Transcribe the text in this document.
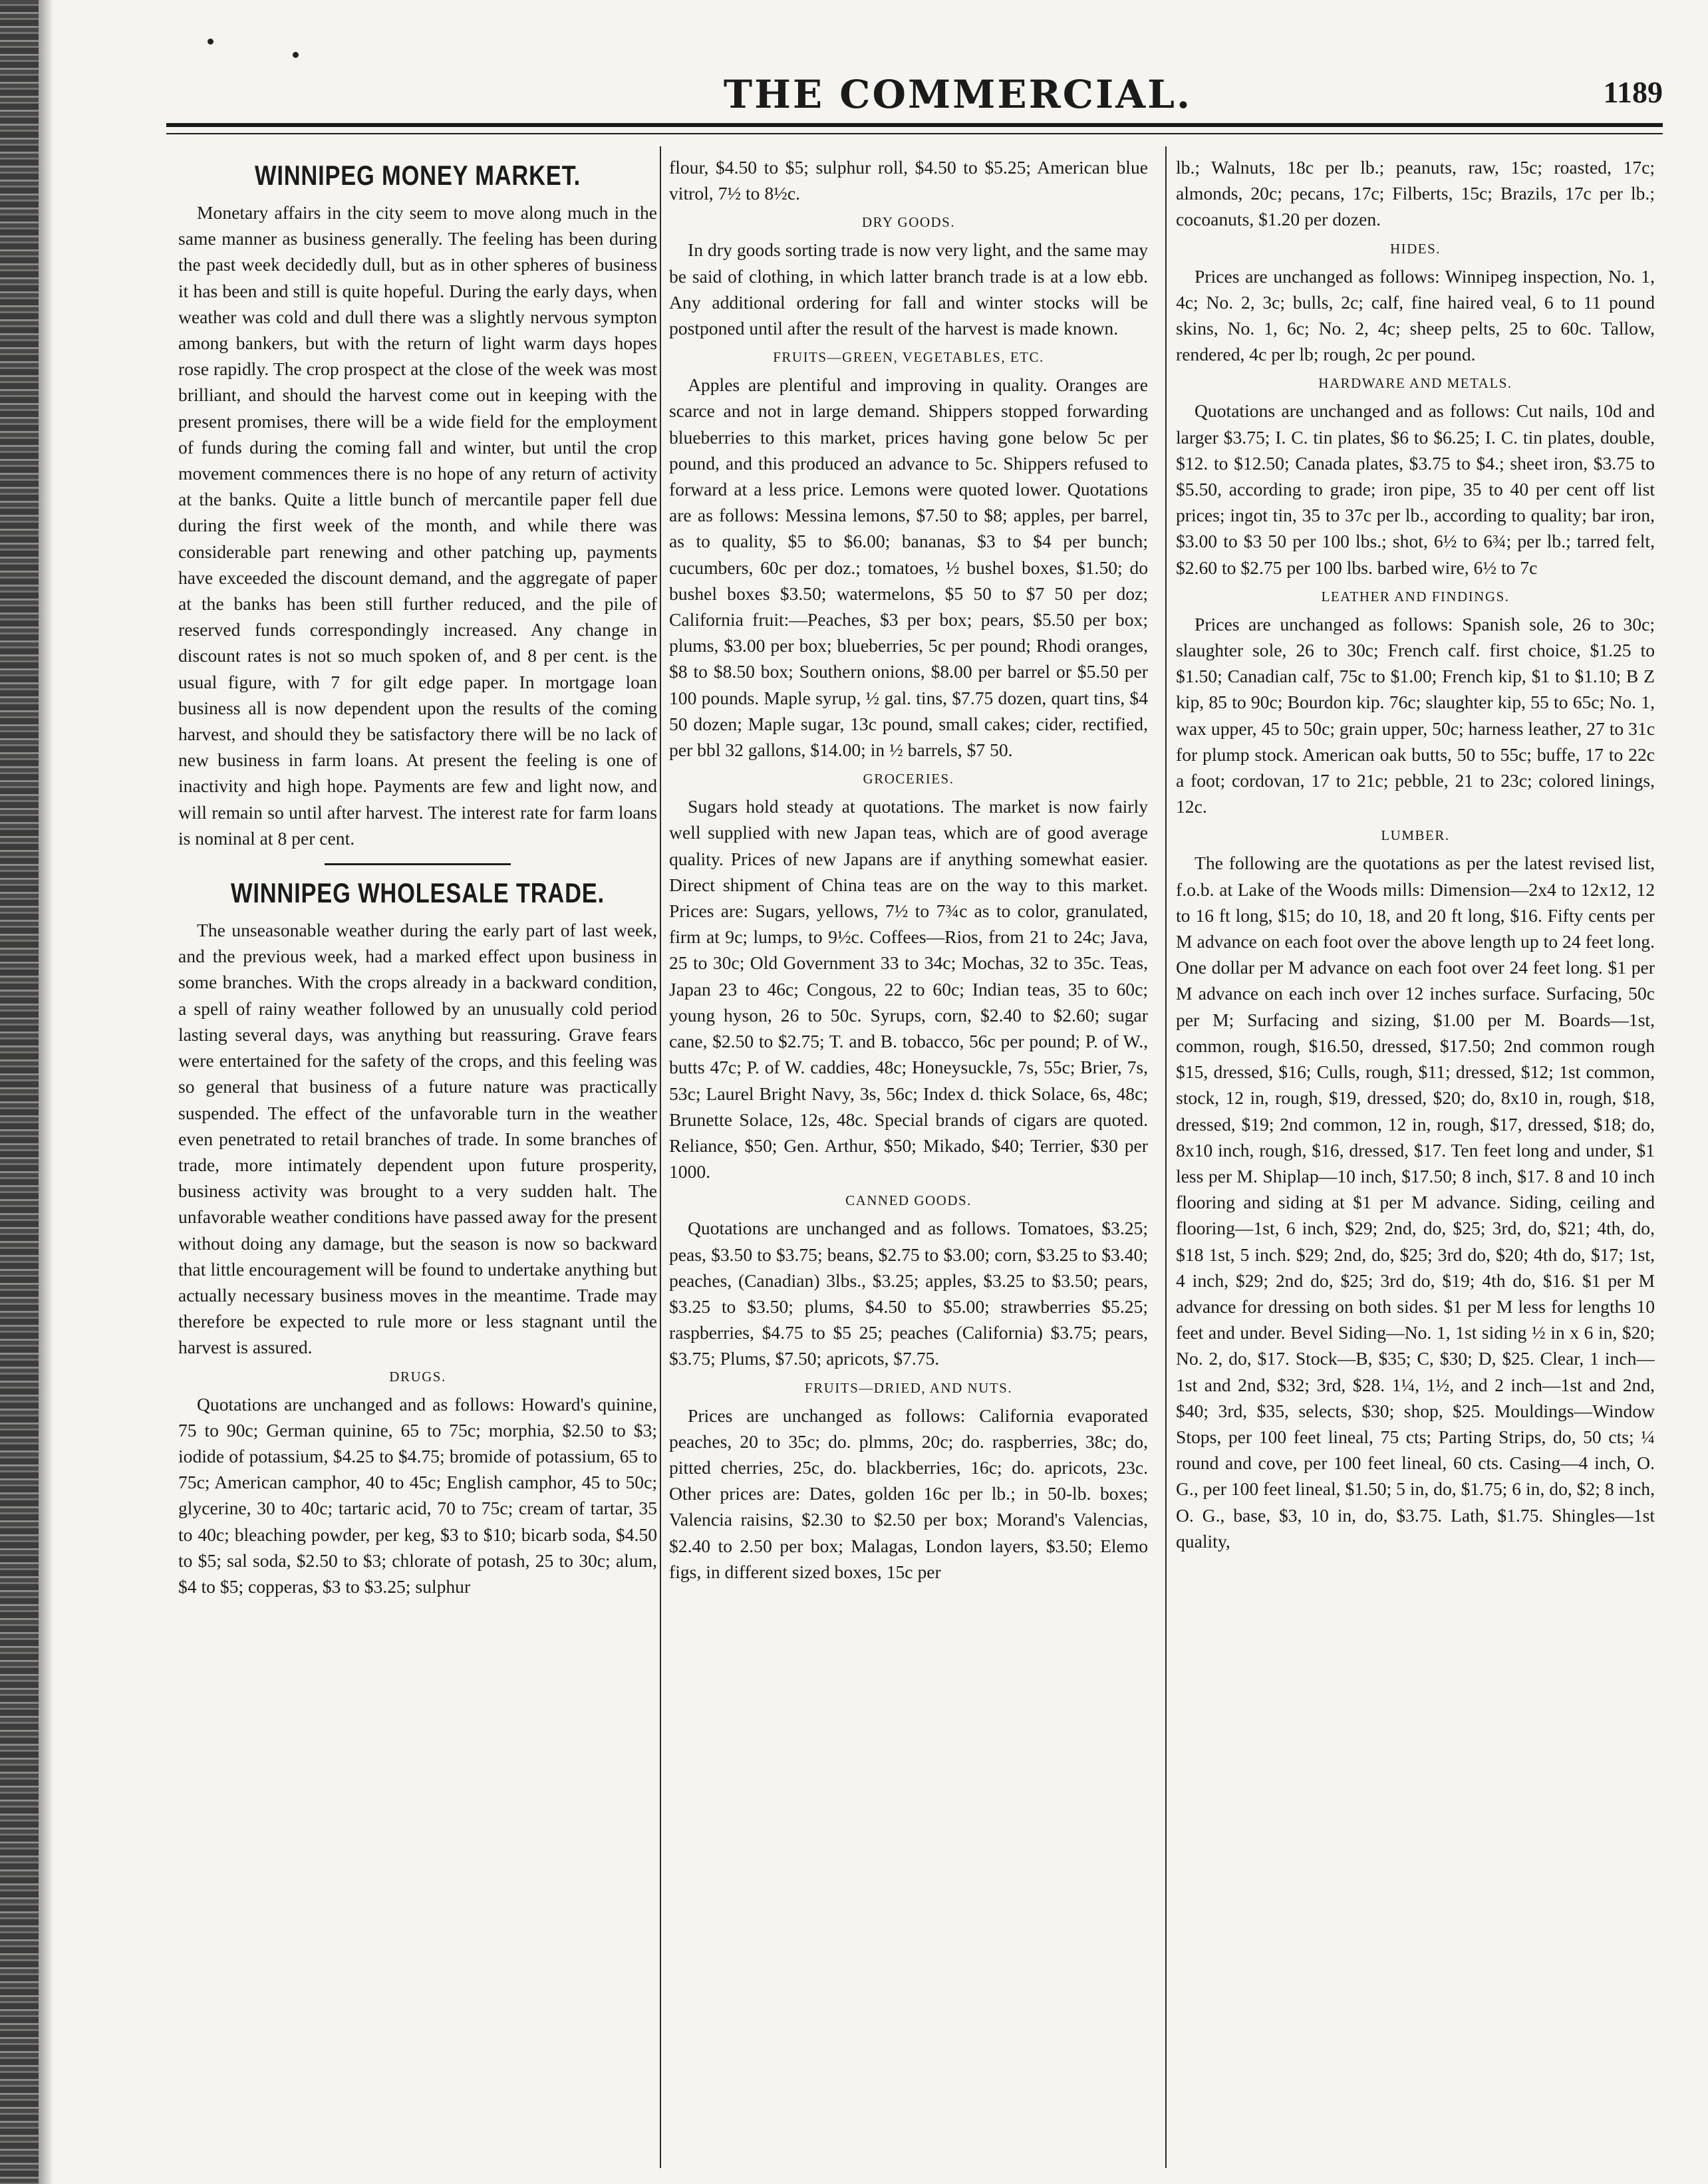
THE COMMERCIAL.	1189
WINNIPEG MONEY MARKET.

Monetary affairs in the city seem to move along much in the same manner as business generally. The feeling has been during the past week decidedly dull, but as in other spheres of business it has been and still is quite hopeful. During the early days, when weather was cold and dull there was a slightly nervous sympton among bankers, but with the return of light warm days hopes rose rapidly. The crop prospect at the close of the week was most brilliant, and should the harvest come out in keeping with the present promises, there will be a wide field for the employment of funds during the coming fall and winter, but until the crop movement commences there is no hope of any return of activity at the banks. Quite a little bunch of mercantile paper fell due during the first week of the month, and while there was considerable part renewing and other patching up, payments have exceeded the discount demand, and the aggregate of paper at the banks has been still further reduced, and the pile of reserved funds correspondingly increased. Any change in discount rates is not so much spoken of, and 8 per cent. is the usual figure, with 7 for gilt edge paper. In mortgage loan business all is now dependent upon the results of the coming harvest, and should they be satisfactory there will be no lack of new business in farm loans. At present the feeling is one of inactivity and high hope. Payments are few and light now, and will remain so until after harvest. The interest rate for farm loans is nominal at 8 per cent.

WINNIPEG WHOLESALE TRADE.

The unseasonable weather during the early part of last week, and the previous week, had a marked effect upon business in some branches. With the crops already in a backward condition, a spell of rainy weather followed by an unusually cold period lasting several days, was anything but reassuring. Grave fears were entertained for the safety of the crops, and this feeling was so general that business of a future nature was practically suspended. The effect of the unfavorable turn in the weather even penetrated to retail branches of trade. In some branches of trade, more intimately dependent upon future prosperity, business activity was brought to a very sudden halt. The unfavorable weather conditions have passed away for the present without doing any damage, but the season is now so backward that little encouragement will be found to undertake anything but actually necessary business moves in the meantime. Trade may therefore be expected to rule more or less stagnant until the harvest is assured.

DRUGS.

Quotations are unchanged and as follows: Howard's quinine, 75 to 90c; German quinine, 65 to 75c; morphia, $2.50 to $3; iodide of potassium, $4.25 to $4.75; bromide of potassium, 65 to 75c; American camphor, 40 to 45c; English camphor, 45 to 50c; glycerine, 30 to 40c; tartaric acid, 70 to 75c; cream of tartar, 35 to 40c; bleaching powder, per keg, $3 to $10; bicarb soda, $4.50 to $5; sal soda, $2.50 to $3; chlorate of potash, 25 to 30c; alum, $4 to $5; copperas, $3 to $3.25; sulphur

flour, $4.50 to $5; sulphur roll, $4.50 to $5.25; American blue vitrol, 7½ to 8½c.

DRY GOODS.

In dry goods sorting trade is now very light, and the same may be said of clothing, in which latter branch trade is at a low ebb. Any additional ordering for fall and winter stocks will be postponed until after the result of the harvest is made known.

FRUITS—GREEN, VEGETABLES, ETC.

Apples are plentiful and improving in quality. Oranges are scarce and not in large demand. Shippers stopped forwarding blueberries to this market, prices having gone below 5c per pound, and this produced an advance to 5c. Shippers refused to forward at a less price. Lemons were quoted lower. Quotations are as follows: Messina lemons, $7.50 to $8; apples, per barrel, as to quality, $5 to $6.00; bananas, $3 to $4 per bunch; cucumbers, 60c per doz.; tomatoes, ½ bushel boxes, $1.50; do bushel boxes $3.50; watermelons, $5 50 to $7 50 per doz; California fruit:—Peaches, $3 per box; pears, $5.50 per box; plums, $3.00 per box; blueberries, 5c per pound; Rhodi oranges, $8 to $8.50 box; Southern onions, $8.00 per barrel or $5.50 per 100 pounds. Maple syrup, ½ gal. tins, $7.75 dozen, quart tins, $4 50 dozen; Maple sugar, 13c pound, small cakes; cider, rectified, per bbl 32 gallons, $14.00; in ½ barrels, $7 50.

GROCERIES.

Sugars hold steady at quotations. The market is now fairly well supplied with new Japan teas, which are of good average quality. Prices of new Japans are if anything somewhat easier. Direct shipment of China teas are on the way to this market. Prices are: Sugars, yellows, 7½ to 7¾c as to color, granulated, firm at 9c; lumps, to 9½c. Coffees—Rios, from 21 to 24c; Java, 25 to 30c; Old Government 33 to 34c; Mochas, 32 to 35c. Teas, Japan 23 to 46c; Congous, 22 to 60c; Indian teas, 35 to 60c; young hyson, 26 to 50c. Syrups, corn, $2.40 to $2.60; sugar cane, $2.50 to $2.75; T. and B. tobacco, 56c per pound; P. of W., butts 47c; P. of W. caddies, 48c; Honeysuckle, 7s, 55c; Brier, 7s, 53c; Laurel Bright Navy, 3s, 56c; Index d. thick Solace, 6s, 48c; Brunette Solace, 12s, 48c. Special brands of cigars are quoted. Reliance, $50; Gen. Arthur, $50; Mikado, $40; Terrier, $30 per 1000.

CANNED GOODS.

Quotations are unchanged and as follows. Tomatoes, $3.25; peas, $3.50 to $3.75; beans, $2.75 to $3.00; corn, $3.25 to $3.40; peaches, (Canadian) 3lbs., $3.25; apples, $3.25 to $3.50; pears, $3.25 to $3.50; plums, $4.50 to $5.00; strawberries $5.25; raspberries, $4.75 to $5 25; peaches (California) $3.75; pears, $3.75; Plums, $7.50; apricots, $7.75.

FRUITS—DRIED, AND NUTS.

Prices are unchanged as follows: California evaporated peaches, 20 to 35c; do. plmms, 20c; do. raspberries, 38c; do, pitted cherries, 25c, do. blackberries, 16c; do. apricots, 23c. Other prices are: Dates, golden 16c per lb.; in 50-lb. boxes; Valencia raisins, $2.30 to $2.50 per box; Morand's Valencias, $2.40 to 2.50 per box; Malagas, London layers, $3.50; Elemo figs, in different sized boxes, 15c per

lb.; Walnuts, 18c per lb.; peanuts, raw, 15c; roasted, 17c; almonds, 20c; pecans, 17c; Filberts, 15c; Brazils, 17c per lb.; cocoanuts, $1.20 per dozen.

HIDES.

Prices are unchanged as follows: Winnipeg inspection, No. 1, 4c; No. 2, 3c; bulls, 2c; calf, fine haired veal, 6 to 11 pound skins, No. 1, 6c; No. 2, 4c; sheep pelts, 25 to 60c. Tallow, rendered, 4c per lb; rough, 2c per pound.

HARDWARE AND METALS.

Quotations are unchanged and as follows: Cut nails, 10d and larger $3.75; I. C. tin plates, $6 to $6.25; I. C. tin plates, double, $12. to $12.50; Canada plates, $3.75 to $4.; sheet iron, $3.75 to $5.50, according to grade; iron pipe, 35 to 40 per cent off list prices; ingot tin, 35 to 37c per lb., according to quality; bar iron, $3.00 to $3 50 per 100 lbs.; shot, 6½ to 6¾; per lb.; tarred felt, $2.60 to $2.75 per 100 lbs. barbed wire, 6½ to 7c

LEATHER AND FINDINGS.

Prices are unchanged as follows: Spanish sole, 26 to 30c; slaughter sole, 26 to 30c; French calf. first choice, $1.25 to $1.50; Canadian calf, 75c to $1.00; French kip, $1 to $1.10; B Z kip, 85 to 90c; Bourdon kip. 76c; slaughter kip, 55 to 65c; No. 1, wax upper, 45 to 50c; grain upper, 50c; harness leather, 27 to 31c for plump stock. American oak butts, 50 to 55c; buffe, 17 to 22c a foot; cordovan, 17 to 21c; pebble, 21 to 23c; colored linings, 12c.

LUMBER.

The following are the quotations as per the latest revised list, f.o.b. at Lake of the Woods mills: Dimension—2x4 to 12x12, 12 to 16 ft long, $15; do 10, 18, and 20 ft long, $16. Fifty cents per M advance on each foot over the above length up to 24 feet long. One dollar per M advance on each foot over 24 feet long. $1 per M advance on each inch over 12 inches surface. Surfacing, 50c per M; Surfacing and sizing, $1.00 per M. Boards—1st, common, rough, $16.50, dressed, $17.50; 2nd common rough $15, dressed, $16; Culls, rough, $11; dressed, $12; 1st common, stock, 12 in, rough, $19, dressed, $20; do, 8x10 in, rough, $18, dressed, $19; 2nd common, 12 in, rough, $17, dressed, $18; do, 8x10 inch, rough, $16, dressed, $17. Ten feet long and under, $1 less per M. Shiplap—10 inch, $17.50; 8 inch, $17. 8 and 10 inch flooring and siding at $1 per M advance. Siding, ceiling and flooring—1st, 6 inch, $29; 2nd, do, $25; 3rd, do, $21; 4th, do, $18 1st, 5 inch. $29; 2nd, do, $25; 3rd do, $20; 4th do, $17; 1st, 4 inch, $29; 2nd do, $25; 3rd do, $19; 4th do, $16. $1 per M advance for dressing on both sides. $1 per M less for lengths 10 feet and under. Bevel Siding—No. 1, 1st siding ½ in x 6 in, $20; No. 2, do, $17. Stock—B, $35; C, $30; D, $25. Clear, 1 inch—1st and 2nd, $32; 3rd, $28. 1¼, 1½, and 2 inch—1st and 2nd, $40; 3rd, $35, selects, $30; shop, $25. Mouldings—Window Stops, per 100 feet lineal, 75 cts; Parting Strips, do, 50 cts; ¼ round and cove, per 100 feet lineal, 60 cts. Casing—4 inch, O. G., per 100 feet lineal, $1.50; 5 in, do, $1.75; 6 in, do, $2; 8 inch, O. G., base, $3, 10 in, do, $3.75. Lath, $1.75. Shingles—1st quality,
